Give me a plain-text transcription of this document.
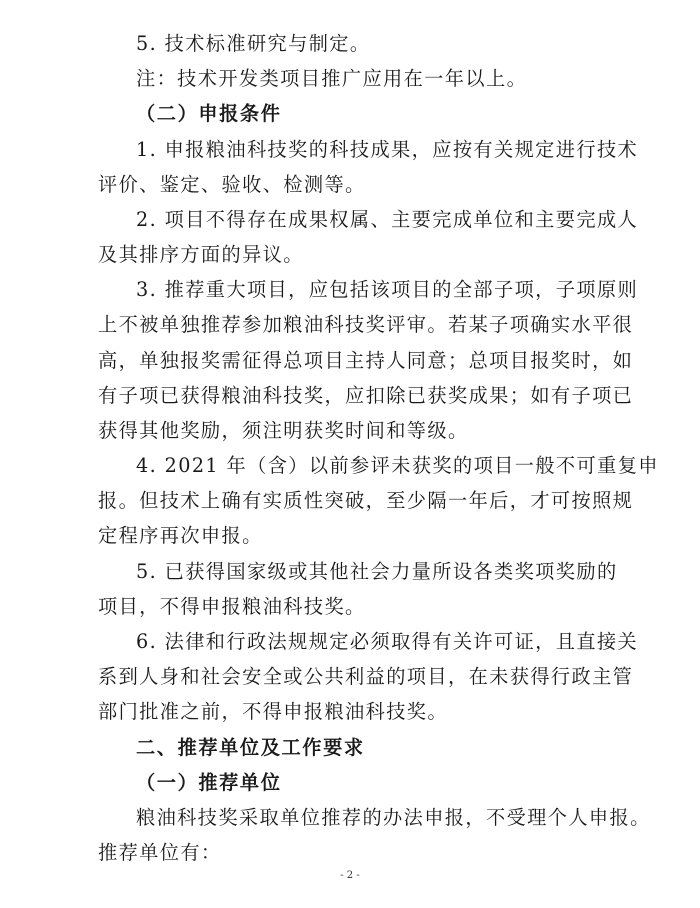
5. 技术标准研究与制定。

注：技术开发类项目推广应用在一年以上。

（二）申报条件

1. 申报粮油科技奖的科技成果，应按有关规定进行技术

评价、鉴定、验收、检测等。

2. 项目不得存在成果权属、主要完成单位和主要完成人

及其排序方面的异议。

3. 推荐重大项目，应包括该项目的全部子项，子项原则

上不被单独推荐参加粮油科技奖评审。若某子项确实水平很

高，单独报奖需征得总项目主持人同意；总项目报奖时，如

有子项已获得粮油科技奖，应扣除已获奖成果；如有子项已

获得其他奖励，须注明获奖时间和等级。

4. 2021 年（含）以前参评未获奖的项目一般不可重复申

报。但技术上确有实质性突破，至少隔一年后，才可按照规

定程序再次申报。

5. 已获得国家级或其他社会力量所设各类奖项奖励的

项目，不得申报粮油科技奖。

6. 法律和行政法规规定必须取得有关许可证，且直接关

系到人身和社会安全或公共利益的项目，在未获得行政主管

部门批准之前，不得申报粮油科技奖。

二、推荐单位及工作要求

（一）推荐单位

粮油科技奖采取单位推荐的办法申报，不受理个人申报。

推荐单位有：

- 2 -
